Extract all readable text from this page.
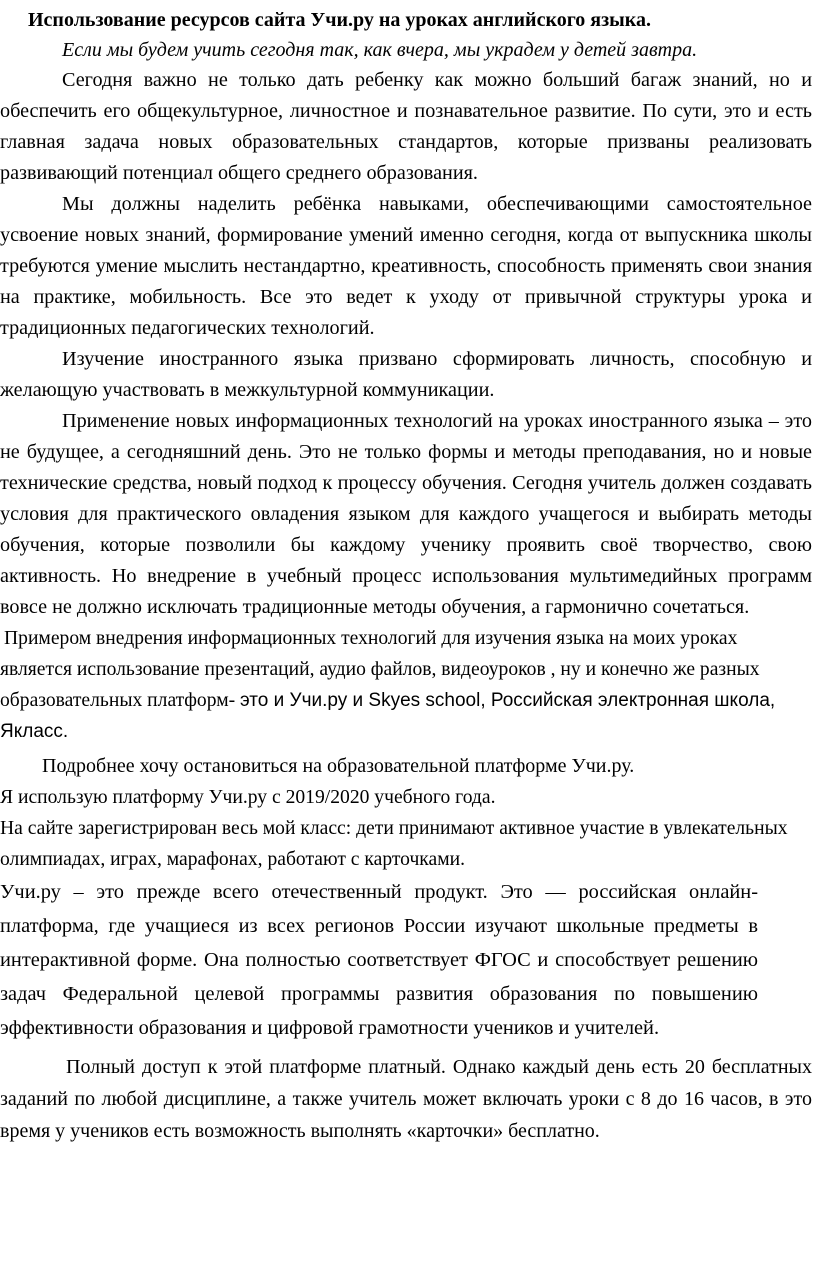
Использование ресурсов сайта Учи.ру на уроках английского языка.

Если мы будем учить сегодня так, как вчера, мы украдем у детей завтра.

Сегодня важно не только дать ребенку как можно больший багаж знаний, но и обеспечить его общекультурное, личностное и познавательное развитие. По сути, это и есть главная задача новых образовательных стандартов, которые призваны реализовать развивающий потенциал общего среднего образования.

Мы должны наделить ребёнка навыками, обеспечивающими самостоятельное усвоение новых знаний, формирование умений именно сегодня, когда от выпускника школы требуются умение мыслить нестандартно, креативность, способность применять свои знания на практике, мобильность. Все это ведет к уходу от привычной структуры урока и традиционных педагогических технологий.

Изучение иностранного языка призвано сформировать личность, способную и желающую участвовать в межкультурной коммуникации.

Применение новых информационных технологий на уроках иностранного языка – это не будущее, а сегодняшний день. Это не только формы и методы преподавания, но и новые технические средства, новый подход к процессу обучения. Сегодня учитель должен создавать условия для практического овладения языком для каждого учащегося и выбирать методы обучения, которые позволили бы каждому ученику проявить своё творчество, свою активность. Но внедрение в учебный процесс использования мультимедийных программ вовсе не должно исключать традиционные методы обучения, а гармонично сочетаться.

Примером внедрения информационных технологий для изучения языка на моих уроках является использование презентаций, аудио файлов, видеоуроков , ну и конечно же разных образовательных платформ- это и Учи.ру и Skyes school, Российская электронная школа, Якласс.

Подробнее хочу остановиться на образовательной платформе Учи.ру.

Я использую платформу Учи.ру с 2019/2020 учебного года.

На сайте зарегистрирован весь мой класс: дети принимают активное участие в увлекательных олимпиадах, играх, марафонах, работают с карточками.

Учи.ру – это прежде всего отечественный продукт. Это — российская онлайн-платформа, где учащиеся из всех регионов России изучают школьные предметы в интерактивной форме. Она полностью соответствует ФГОС и способствует решению задач Федеральной целевой программы развития образования по повышению эффективности образования и цифровой грамотности учеников и учителей.

Полный доступ к этой платформе платный. Однако каждый день есть 20 бесплатных заданий по любой дисциплине, а также учитель может включать уроки с 8 до 16 часов, в это время у учеников есть возможность выполнять «карточки» бесплатно.
